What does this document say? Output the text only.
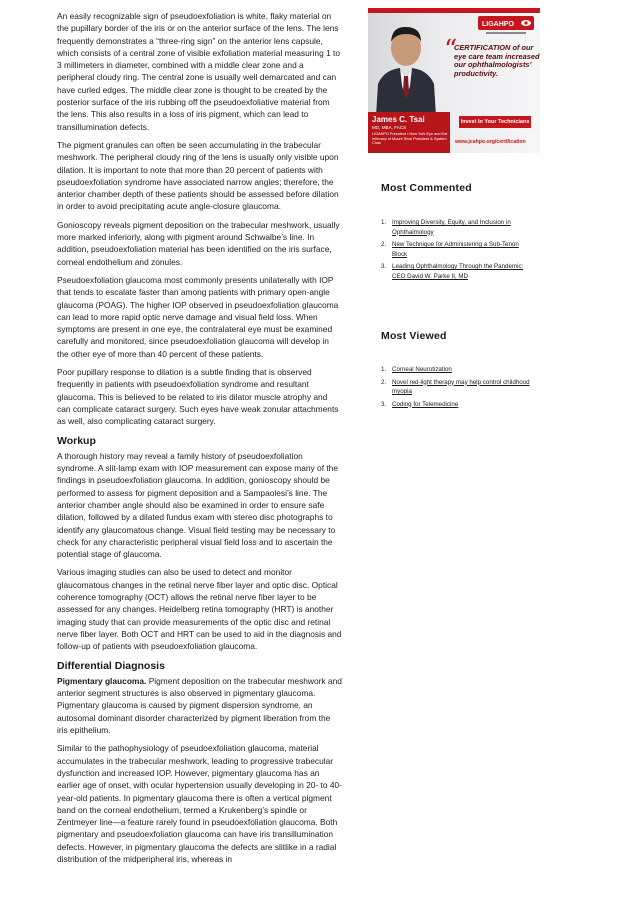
An easily recognizable sign of pseudoexfoliation is white, flaky material on the pupillary border of the iris or on the anterior surface of the lens. The lens frequently demonstrates a “three-ring sign” on the anterior lens capsule, which consists of a central zone of visible exfoliation material measuring 1 to 3 millimeters in diameter, combined with a middle clear zone and a peripheral cloudy ring. The central zone is usually well demarcated and can have curled edges. The middle clear zone is thought to be created by the posterior surface of the iris rubbing off the pseudoexfoliative material from the lens. This also results in a loss of iris pigment, which can lead to transillumination defects.

The pigment granules can often be seen accumulating in the trabecular meshwork. The peripheral cloudy ring of the lens is usually only visible upon dilation. It is important to note that more than 20 percent of patients with pseudoexfoliation syndrome have associated narrow angles; therefore, the anterior chamber depth of these patients should be assessed before dilation in order to avoid precipitating acute angle-closure glaucoma.

Gonioscopy reveals pigment deposition on the trabecular meshwork, usually more marked inferiorly, along with pigment around Schwalbe’s line. In addition, pseudoexfoliation material has been identified on the iris surface, corneal endothelium and zonules.

Pseudoexfoliation glaucoma most commonly presents unilaterally with IOP that tends to escalate faster than among patients with primary open-angle glaucoma (POAG). The higher IOP observed in pseudoexfoliation glaucoma can lead to more rapid optic nerve damage and visual field loss. When symptoms are present in one eye, the contralateral eye must be examined carefully and monitored, since pseudoexfoliation glaucoma will develop in the other eye of more than 40 percent of these patients.

Poor pupillary response to dilation is a subtle finding that is observed frequently in patients with pseudoexfoliation syndrome and resultant glaucoma. This is believed to be related to iris dilator muscle atrophy and can complicate cataract surgery. Such eyes have weak zonular attachments as well, also complicating cataract surgery.

Workup

A thorough history may reveal a family history of pseudoexfoliation syndrome. A slit-lamp exam with IOP measurement can expose many of the findings in pseudoexfoliation glaucoma. In addition, gonioscopy should be performed to assess for pigment deposition and a Sampaolesi’s line. The anterior chamber angle should also be examined in order to ensure safe dilation, followed by a dilated fundus exam with stereo disc photographs to identify any glaucomatous change. Visual field testing may be necessary to check for any characteristic peripheral visual field loss and to ascertain the potential stage of glaucoma.

Various imaging studies can also be used to detect and monitor glaucomatous changes in the retinal nerve fiber layer and optic disc. Optical coherence tomography (OCT) allows the retinal nerve fiber layer to be assessed for any changes. Heidelberg retina tomography (HRT) is another imaging study that can provide measurements of the optic disc and retinal nerve fiber layer. Both OCT and HRT can be used to aid in the diagnosis and follow-up of patients with pseudoexfoliation glaucoma.

Differential Diagnosis

Pigmentary glaucoma. Pigment deposition on the trabecular meshwork and anterior segment structures is also observed in pigmentary glaucoma. Pigmentary glaucoma is caused by pigment dispersion syndrome, an autosomal dominant disorder characterized by pigment liberation from the iris epithelium.

Similar to the pathophysiology of pseudoexfoliation glaucoma, material accumulates in the trabecular meshwork, leading to progressive trabecular dysfunction and increased IOP. However, pigmentary glaucoma has an earlier age of onset, with ocular hypertension usually developing in 20- to 40-year-old patients. In pigmentary glaucoma there is often a vertical pigment band on the corneal endothelium, termed a Krukenberg’s spindle or Zentmeyer line—a feature rarely found in pseudoexfoliation glaucoma. Both pigmentary and pseudoexfoliation glaucoma can have iris transillumination defects. However, in pigmentary glaucoma the defects are slitlike in a radial distribution of the midperipheral iris, whereas in

LIGAHPO
“
CERTIFICATION of our eye care team increased our ophthalmologists’ productivity.
James C. Tsai
MD, MBA, FACS
LIGAHPO President • New York Eye and Ear Infirmary of Mount Sinai President & System Chair
Invest In Your Technicians
www.jcahpo.org/certification
Most Commented
1. Improving Diversity, Equity, and Inclusion in Ophthalmology
2. New Technique for Administering a Sub-Tenon Block
3. Leading Ophthalmology Through the Pandemic: CEO David W. Parke II, MD
Most Viewed
1. Corneal Neurotization
2. Novel red-light therapy may help control childhood myopia
3. Coding for Telemedicine
